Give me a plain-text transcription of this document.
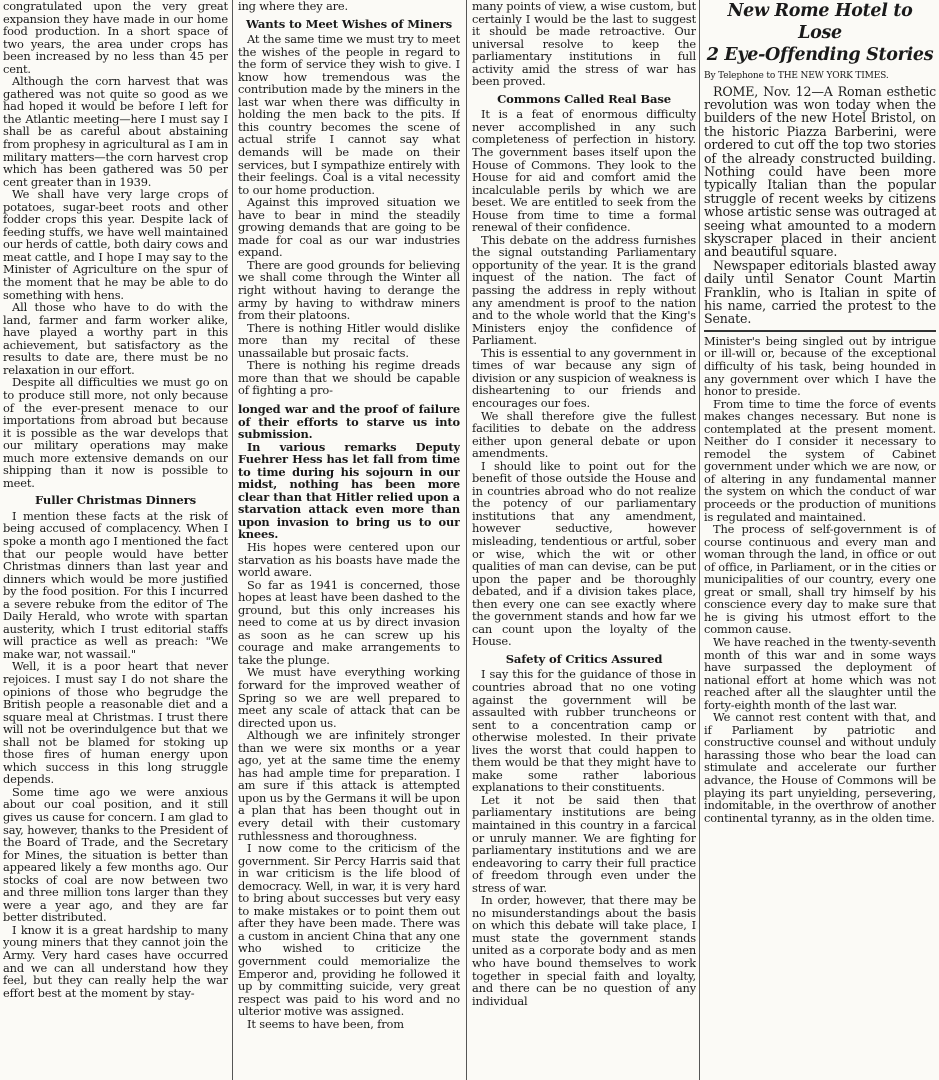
congratulated upon the very great expansion they have made in our home food production. In a short space of two years, the area under crops has been increased by no less than 45 per cent.

Although the corn harvest that was gathered was not quite so good as we had hoped it would be before I left for the Atlantic meeting—here I must say I shall be as careful about abstaining from prophesy in agricultural as I am in military matters—the corn harvest crop which has been gathered was 50 per cent greater than in 1939.

We shall have very large crops of potatoes, sugar-beet roots and other fodder crops this year. Despite lack of feeding stuffs, we have well maintained our herds of cattle, both dairy cows and meat cattle, and I hope I may say to the Minister of Agriculture on the spur of the moment that he may be able to do something with hens.

All those who have to do with the land, farmer and farm worker alike, have played a worthy part in this achievement, but satisfactory as the results to date are, there must be no relaxation in our effort.

Despite all difficulties we must go on to produce still more, not only because of the ever-present menace to our importations from abroad but because it is possible as the war develops that our military operations may make much more extensive demands on our shipping than it now is possible to meet.

Fuller Christmas Dinners

I mention these facts at the risk of being accused of complacency. When I spoke a month ago I mentioned the fact that our people would have better Christmas dinners than last year and dinners which would be more justified by the food position. For this I incurred a severe rebuke from the editor of The Daily Herald, who wrote with spartan austerity, which I trust editorial staffs will practice as well as preach: "We make war, not wassail."

Well, it is a poor heart that never rejoices. I must say I do not share the opinions of those who begrudge the British people a reasonable diet and a square meal at Christmas. I trust there will not be overindulgence but that we shall not be blamed for stoking up those fires of human energy upon which success in this long struggle depends.

Some time ago we were anxious about our coal position, and it still gives us cause for concern. I am glad to say, however, thanks to the President of the Board of Trade, and the Secretary for Mines, the situation is better than appeared likely a few months ago. Our stocks of coal are now between two and three million tons larger than they were a year ago, and they are far better distributed.

I know it is a great hardship to many young miners that they cannot join the Army. Very hard cases have occurred and we can all understand how they feel, but they can really help the war effort best at the moment by stay-

ing where they are.

Wants to Meet Wishes of Miners

At the same time we must try to meet the wishes of the people in regard to the form of service they wish to give. I know how tremendous was the contribution made by the miners in the last war when there was difficulty in holding the men back to the pits. If this country becomes the scene of actual strife I cannot say what demands will be made on their services, but I sympathize entirely with their feelings. Coal is a vital necessity to our home production.

Against this improved situation we have to bear in mind the steadily growing demands that are going to be made for coal as our war industries expand.

There are good grounds for believing we shall come through the Winter all right without having to derange the army by having to withdraw miners from their platoons.

There is nothing Hitler would dislike more than my recital of these unassailable but prosaic facts.

There is nothing his regime dreads more than that we should be capable of fighting a pro-

longed war and the proof of failure of their efforts to starve us into submission.

In various remarks Deputy Fuehrer Hess has let fall from time to time during his sojourn in our midst, nothing has been more clear than that Hitler relied upon a starvation attack even more than upon invasion to bring us to our knees.

His hopes were centered upon our starvation as his boasts have made the world aware.

So far as 1941 is concerned, those hopes at least have been dashed to the ground, but this only increases his need to come at us by direct invasion as soon as he can screw up his courage and make arrangements to take the plunge.

We must have everything working forward for the improved weather of Spring so we are well prepared to meet any scale of attack that can be directed upon us.

Although we are infinitely stronger than we were six months or a year ago, yet at the same time the enemy has had ample time for preparation. I am sure if this attack is attempted upon us by the Germans it will be upon a plan that has been thought out in every detail with their customary ruthlessness and thoroughness.

I now come to the criticism of the government. Sir Percy Harris said that in war criticism is the life blood of democracy. Well, in war, it is very hard to bring about successes but very easy to make mistakes or to point them out after they have been made. There was a custom in ancient China that any one who wished to criticize the government could memorialize the Emperor and, providing he followed it up by committing suicide, very great respect was paid to his word and no ulterior motive was assigned.

It seems to have been, from

many points of view, a wise custom, but certainly I would be the last to suggest it should be made retroactive. Our universal resolve to keep the parliamentary institutions in full activity amid the stress of war has been proved.

Commons Called Real Base

It is a feat of enormous difficulty never accomplished in any such completeness of perfection in history. The government bases itself upon the House of Commons. They look to the House for aid and comfort amid the incalculable perils by which we are beset. We are entitled to seek from the House from time to time a formal renewal of their confidence.

This debate on the address furnishes the signal outstanding Parliamentary opportunity of the year. It is the grand inquest of the nation. The fact of passing the address in reply without any amendment is proof to the nation and to the whole world that the King's Ministers enjoy the confidence of Parliament.

This is essential to any government in times of war because any sign of division or any suspicion of weakness is disheartening to our friends and encourages our foes.

We shall therefore give the fullest facilities to debate on the address either upon general debate or upon amendments.

I should like to point out for the benefit of those outside the House and in countries abroad who do not realize the potency of our parliamentary institutions that any amendment, however seductive, however misleading, tendentious or artful, sober or wise, which the wit or other qualities of man can devise, can be put upon the paper and be thoroughly debated, and if a division takes place, then every one can see exactly where the government stands and how far we can count upon the loyalty of the House.

Safety of Critics Assured

I say this for the guidance of those in countries abroad that no one voting against the government will be assaulted with rubber truncheons or sent to a concentration camp or otherwise molested. In their private lives the worst that could happen to them would be that they might have to make some rather laborious explanations to their constituents.

Let it not be said then that parliamentary institutions are being maintained in this country in a farcical or unruly manner. We are fighting for parliamentary institutions and we are endeavoring to carry their full practice of freedom through even under the stress of war.

In order, however, that there may be no misunderstandings about the basis on which this debate will take place, I must state the government stands united as a corporate body and as men who have bound themselves to work together in special faith and loyalty, and there can be no question of any individual

New Rome Hotel to Lose
2 Eye-Offending Stories

By Telephone to THE NEW YORK TIMES.

ROME, Nov. 12—A Roman esthetic revolution was won today when the builders of the new Hotel Bristol, on the historic Piazza Barberini, were ordered to cut off the top two stories of the already constructed building. Nothing could have been more typically Italian than the popular struggle of recent weeks by citizens whose artistic sense was outraged at seeing what amounted to a modern skyscraper placed in their ancient and beautiful square.

Newspaper editorials blasted away daily until Senator Count Martin Franklin, who is Italian in spite of his name, carried the protest to the Senate.

Minister's being singled out by intrigue or ill-will or, because of the exceptional difficulty of his task, being hounded in any government over which I have the honor to preside.

From time to time the force of events makes changes necessary. But none is contemplated at the present moment. Neither do I consider it necessary to remodel the system of Cabinet government under which we are now, or of altering in any fundamental manner the system on which the conduct of war proceeds or the production of munitions is regulated and maintained.

The process of self-government is of course continuous and every man and woman through the land, in office or out of office, in Parliament, or in the cities or municipalities of our country, every one great or small, shall try himself by his conscience every day to make sure that he is giving his utmost effort to the common cause.

We have reached in the twenty-seventh month of this war and in some ways have surpassed the deployment of national effort at home which was not reached after all the slaughter until the forty-eighth month of the last war.

We cannot rest content with that, and if Parliament by patriotic and constructive counsel and without unduly harassing those who bear the load can stimulate and accelerate our further advance, the House of Commons will be playing its part unyielding, persevering, indomitable, in the overthrow of another continental tyranny, as in the olden time.
